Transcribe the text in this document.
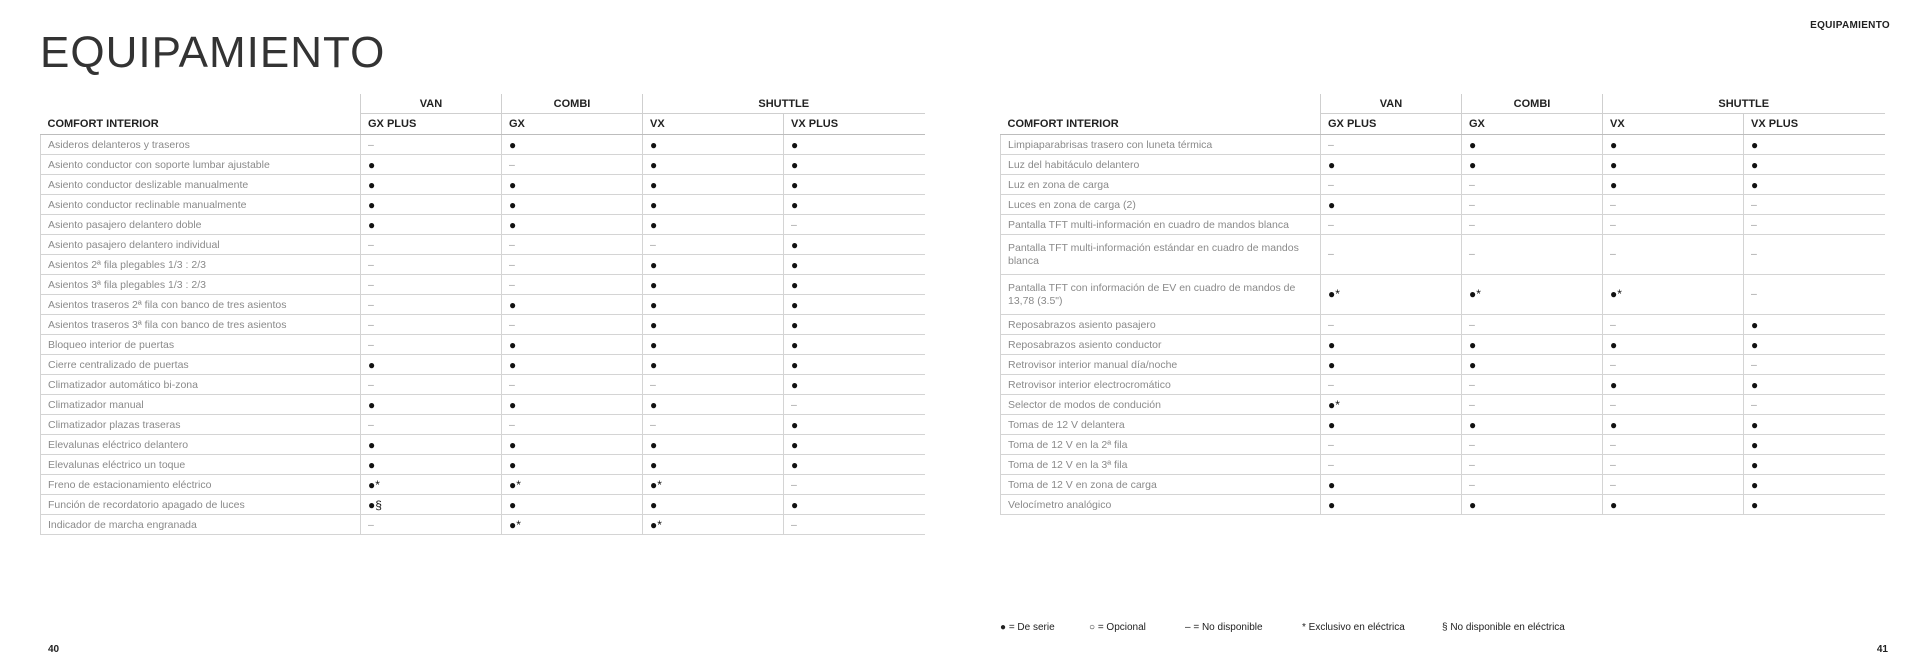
EQUIPAMIENTO
EQUIPAMIENTO
	VAN	COMBI	SHUTTLE	
COMFORT INTERIOR	GX PLUS	GX	VX	VX PLUS
Asideros delanteros y traseros	–	●	●	●
Asiento conductor con soporte lumbar ajustable	●	–	●	●
Asiento conductor deslizable manualmente	●	●	●	●
Asiento conductor reclinable manualmente	●	●	●	●
Asiento pasajero delantero doble	●	●	●	–
Asiento pasajero delantero individual	–	–	–	●
Asientos 2ª fila plegables 1/3 : 2/3	–	–	●	●
Asientos 3ª fila plegables 1/3 : 2/3	–	–	●	●
Asientos traseros 2ª fila con banco de tres asientos	–	●	●	●
Asientos traseros 3ª fila con banco de tres asientos	–	–	●	●
Bloqueo interior de puertas	–	●	●	●
Cierre centralizado de puertas	●	●	●	●
Climatizador automático bi-zona	–	–	–	●
Climatizador manual	●	●	●	–
Climatizador plazas traseras	–	–	–	●
Elevalunas eléctrico delantero	●	●	●	●
Elevalunas eléctrico un toque	●	●	●	●
Freno de estacionamiento eléctrico	●*	●*	●*	–
Función de recordatorio apagado de luces	●§	●	●	●
Indicador de marcha engranada	–	●*	●*	–
	VAN	COMBI	SHUTTLE	
COMFORT INTERIOR	GX PLUS	GX	VX	VX PLUS
Limpiaparabrisas trasero con luneta térmica	–	●	●	●
Luz del habitáculo delantero	●	●	●	●
Luz en zona de carga	–	–	●	●
Luces en zona de carga (2)	●	–	–	–
Pantalla TFT multi-información en cuadro de mandos blanca	–	–	–	–
Pantalla TFT multi-información estándar en cuadro de mandos blanca	–	–	–	–
Pantalla TFT con información de EV en cuadro de mandos de 13,78 (3.5")	●*	●*	●*	–
Reposabrazos asiento pasajero	–	–	–	●
Reposabrazos asiento conductor	●	●	●	●
Retrovisor interior manual día/noche	●	●	–	–
Retrovisor interior electrocromático	–	–	●	●
Selector de modos de condución	●*	–	–	–
Tomas de 12 V delantera	●	●	●	●
Toma de 12 V en la 2ª fila	–	–	–	●
Toma de 12 V en la 3ª fila	–	–	–	●
Toma de 12 V en zona de carga	●	–	–	●
Velocímetro analógico	●	●	●	●
● = De serie	○ = Opcional	– = No disponible	* Exclusivo en eléctrica	§ No disponible en eléctrica
40	41
